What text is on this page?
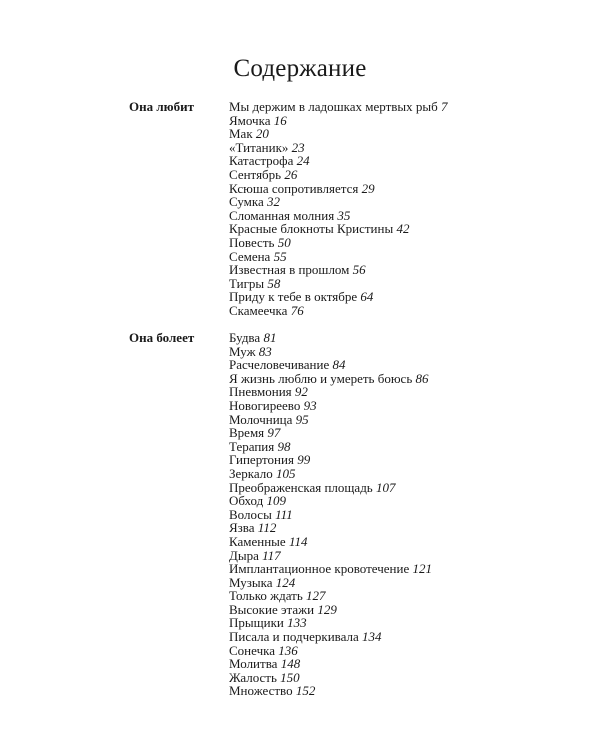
Содержание
Она любит	Мы держим в ладошках мертвых рыб 7
Ямочка 16
Мак 20
«Титаник» 23
Катастрофа 24
Сентябрь 26
Ксюша сопротивляется 29
Сумка 32
Сломанная молния 35
Красные блокноты Кристины 42
Повесть 50
Семена 55
Известная в прошлом 56
Тигры 58
Приду к тебе в октябре 64
Скамеечка 76
Она болеет	Будва 81
Муж 83
Расчеловечивание 84
Я жизнь люблю и умереть боюсь 86
Пневмония 92
Новогиреево 93
Молочница 95
Время 97
Терапия 98
Гипертония 99
Зеркало 105
Преображенская площадь 107
Обход 109
Волосы 111
Язва 112
Каменные 114
Дыра 117
Имплантационное кровотечение 121
Музыка 124
Только ждать 127
Высокие этажи 129
Прыщики 133
Писала и подчеркивала 134
Сонечка 136
Молитва 148
Жалость 150
Множество 152
